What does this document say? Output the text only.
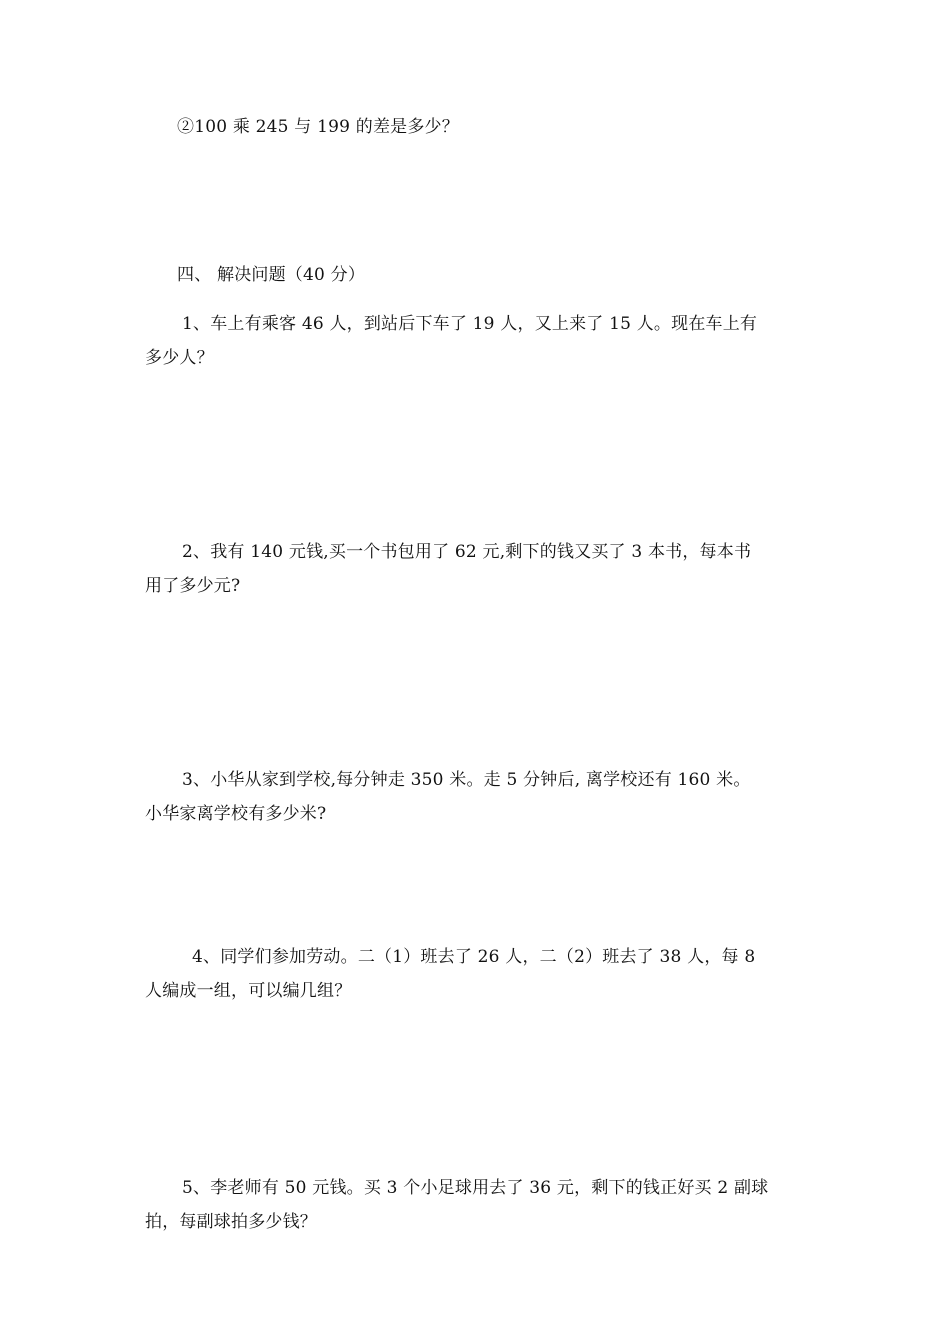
②100 乘 245 与 199 的差是多少？
四、 解决问题（40 分）
1、车上有乘客 46 人，到站后下车了 19 人，又上来了 15 人。现在车上有
多少人？
2、我有 140 元钱,买一个书包用了 62 元,剩下的钱又买了 3 本书，每本书
用了多少元?
3、小华从家到学校,每分钟走 350 米。走 5 分钟后, 离学校还有 160 米。
小华家离学校有多少米?
4、同学们参加劳动。二（1）班去了 26 人，二（2）班去了 38 人，每 8
人编成一组，可以编几组？
5、李老师有 50 元钱。买 3 个小足球用去了 36 元，剩下的钱正好买 2 副球
拍，每副球拍多少钱？
